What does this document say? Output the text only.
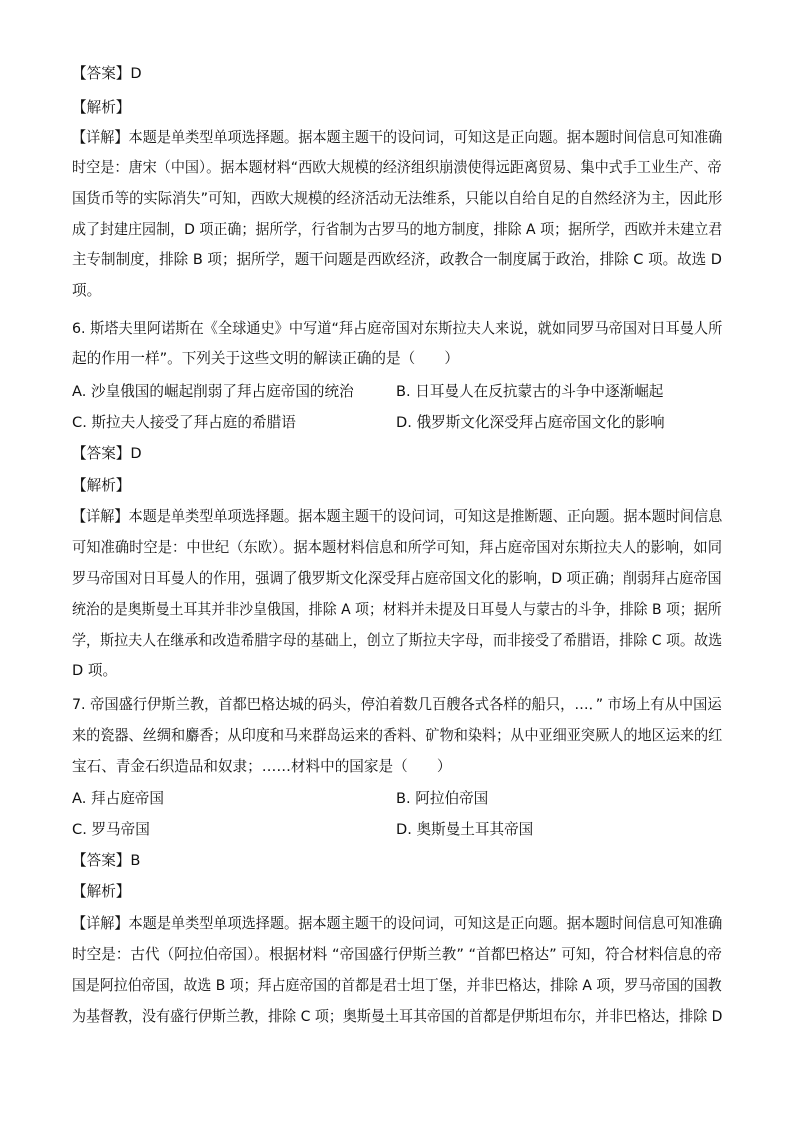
【答案】D
【解析】
【详解】本题是单类型单项选择题。据本题主题干的设问词，可知这是正向题。据本题时间信息可知准确
时空是：唐宋（中国）。据本题材料“西欧大规模的经济组织崩溃使得远距离贸易、集中式手工业生产、帝
国货币等的实际消失”可知，西欧大规模的经济活动无法维系，只能以自给自足的自然经济为主，因此形
成了封建庄园制，D 项正确；据所学，行省制为古罗马的地方制度，排除 A 项；据所学，西欧并未建立君
主专制制度，排除 B 项；据所学，题干问题是西欧经济，政教合一制度属于政治，排除 C 项。故选 D
项。
6. 斯塔夫里阿诺斯在《全球通史》中写道“拜占庭帝国对东斯拉夫人来说，就如同罗马帝国对日耳曼人所
起的作用一样”。下列关于这些文明的解读正确的是（　　）
A. 沙皇俄国的崛起削弱了拜占庭帝国的统治	B. 日耳曼人在反抗蒙古的斗争中逐渐崛起
C. 斯拉夫人接受了拜占庭的希腊语	D. 俄罗斯文化深受拜占庭帝国文化的影响
【答案】D
【解析】
【详解】本题是单类型单项选择题。据本题主题干的设问词，可知这是推断题、正向题。据本题时间信息
可知准确时空是：中世纪（东欧）。据本题材料信息和所学可知，拜占庭帝国对东斯拉夫人的影响，如同
罗马帝国对日耳曼人的作用，强调了俄罗斯文化深受拜占庭帝国文化的影响，D 项正确；削弱拜占庭帝国
统治的是奥斯曼土耳其并非沙皇俄国，排除 A 项；材料并未提及日耳曼人与蒙古的斗争，排除 B 项；据所
学，斯拉夫人在继承和改造希腊字母的基础上，创立了斯拉夫字母，而非接受了希腊语，排除 C 项。故选
D 项。
7. 帝国盛行伊斯兰教，首都巴格达城的码头，停泊着数几百艘各式各样的船只，…．” 市场上有从中国运
来的瓷器、丝绸和麝香；从印度和马来群岛运来的香料、矿物和染料；从中亚细亚突厥人的地区运来的红
宝石、青金石织造品和奴隶；……材料中的国家是（　　）
A. 拜占庭帝国	B. 阿拉伯帝国
C. 罗马帝国	D. 奥斯曼土耳其帝国
【答案】B
【解析】
【详解】本题是单类型单项选择题。据本题主题干的设问词，可知这是正向题。据本题时间信息可知准确
时空是：古代（阿拉伯帝国）。根据材料 “帝国盛行伊斯兰教” “首都巴格达” 可知，符合材料信息的帝
国是阿拉伯帝国，故选 B 项；拜占庭帝国的首都是君士坦丁堡，并非巴格达，排除 A 项，罗马帝国的国教
为基督教，没有盛行伊斯兰教，排除 C 项；奥斯曼土耳其帝国的首都是伊斯坦布尔，并非巴格达，排除 D
